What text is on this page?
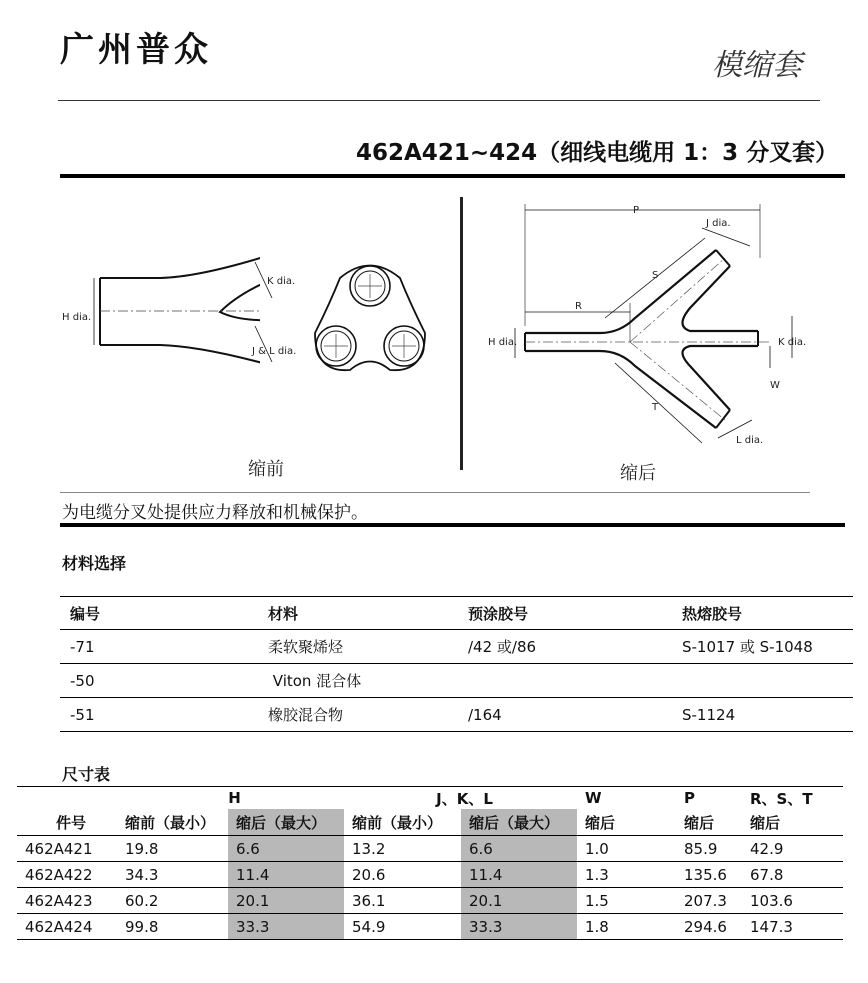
广州普众	模缩套
462A421~424（细线电缆用 1：3 分叉套）
H dia.
K dia.
J & L dia.
缩前
P
R
S
J dia.
H dia.	K dia.
W
T
L dia.
缩后
为电缆分叉处提供应力释放和机械保护。
材料选择
编号	材料	预涂胶号	热熔胶号
-71	柔软聚烯烃	/42 或/86	S-1017 或 S-1048
-50	Viton 混合体		
-51	橡胶混合物	/164	S-1124
尺寸表
	H		J、K、L		W	P	R、S、T
件号	缩前（最小）	缩后（最大）	缩前（最小）	缩后（最大）	缩后	缩后	缩后
462A421	19.8	6.6	13.2	6.6	1.0	85.9	42.9
462A422	34.3	11.4	20.6	11.4	1.3	135.6	67.8
462A423	60.2	20.1	36.1	20.1	1.5	207.3	103.6
462A424	99.8	33.3	54.9	33.3	1.8	294.6	147.3
